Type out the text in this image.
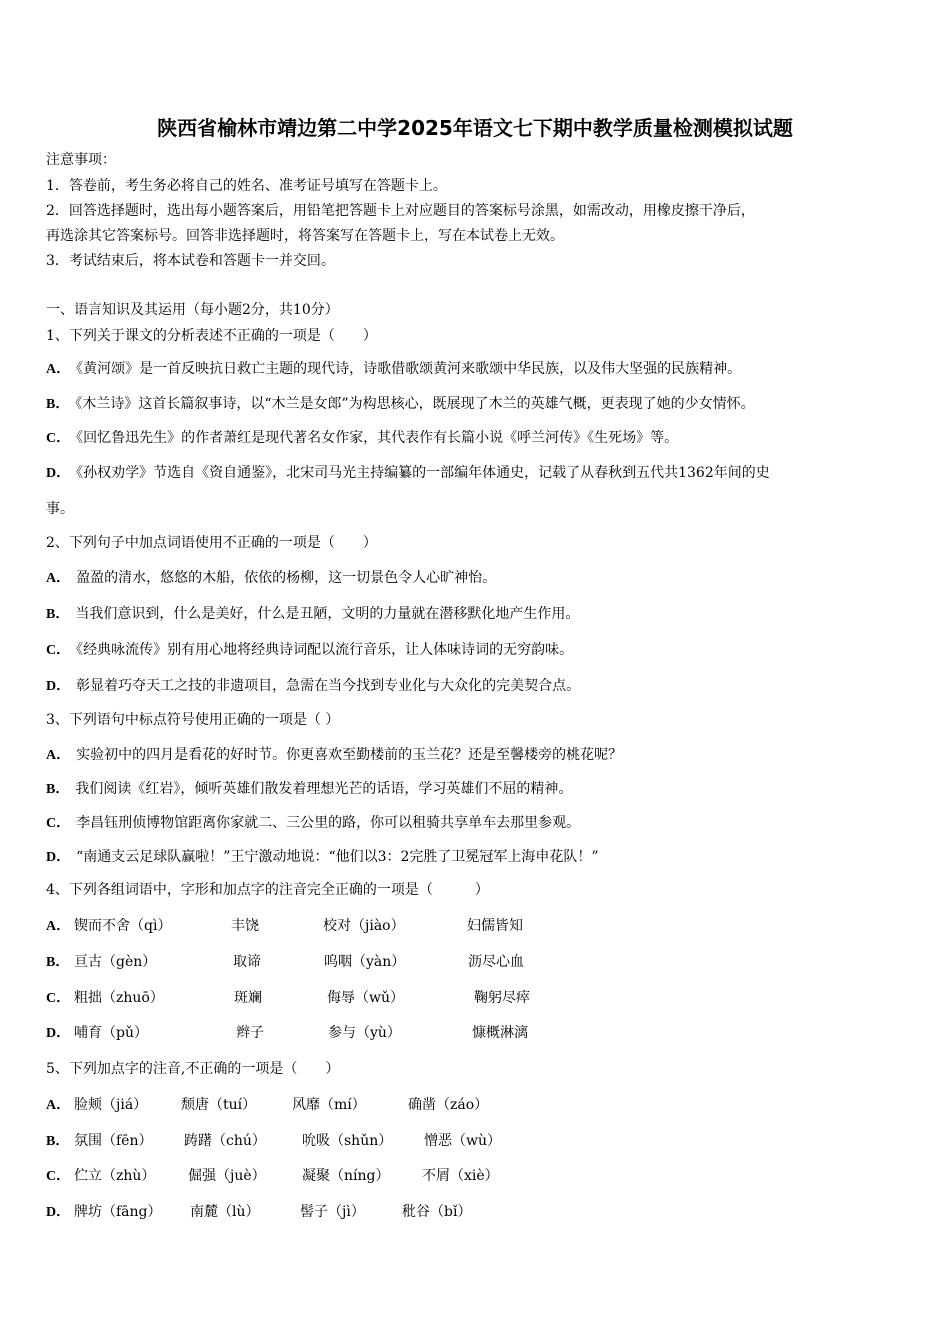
陕西省榆林市靖边第二中学2025年语文七下期中教学质量检测模拟试题
注意事项：
1．答卷前，考生务必将自己的姓名、准考证号填写在答题卡上。
2．回答选择题时，选出每小题答案后，用铅笔把答题卡上对应题目的答案标号涂黑，如需改动，用橡皮擦干净后，
再选涂其它答案标号。回答非选择题时，将答案写在答题卡上，写在本试卷上无效。
3．考试结束后，将本试卷和答题卡一并交回。
一、语言知识及其运用（每小题2分，共10分）
1、下列关于课文的分析表述不正确的一项是（　　）
A． 《黄河颂》是一首反映抗日救亡主题的现代诗，诗歌借歌颂黄河来歌颂中华民族，以及伟大坚强的民族精神。
B． 《木兰诗》这首长篇叙事诗，以“木兰是女郎”为构思核心，既展现了木兰的英雄气概，更表现了她的少女情怀。
C． 《回忆鲁迅先生》的作者萧红是现代著名女作家，其代表作有长篇小说《呼兰河传》《生死场》等。
D． 《孙权劝学》节选自《资自通鉴》，北宋司马光主持编纂的一部编年体通史，记载了从春秋到五代共1362年间的史
事。
2、下列句子中加点词语使用不正确的一项是（　　）
A． 盈盈的清水，悠悠的木船，依依的杨柳，这一切景色令人心旷神怡。
B． 当我们意识到，什么是美好，什么是丑陋，文明的力量就在潜移默化地产生作用。
C． 《经典咏流传》别有用心地将经典诗词配以流行音乐，让人体味诗词的无穷韵味。
D． 彰显着巧夺天工之技的非遗项目，急需在当今找到专业化与大众化的完美契合点。
3、下列语句中标点符号使用正确的一项是（ ）
A． 实验初中的四月是看花的好时节。你更喜欢至勤楼前的玉兰花？还是至馨楼旁的桃花呢？
B． 我们阅读《红岩》，倾听英雄们散发着理想光芒的话语，学习英雄们不屈的精神。
C． 李昌钰刑侦博物馆距离你家就二、三公里的路，你可以租骑共享单车去那里参观。
D． “南通支云足球队赢啦！”王宁激动地说：“他们以3：2完胜了卫冕冠军上海申花队！”
4、下列各组词语中，字形和加点字的注音完全正确的一项是（　　　）
A． 锲而不舍（qì）	丰饶	校对（jiào）	妇儒皆知
B． 亘古（gèn）	取谛	呜咽（yàn）	沥尽心血
C． 粗拙（zhuō）	斑斓	侮辱（wǔ）	鞠躬尽瘁
D． 哺育（pǔ）	辫子	参与（yù）	慷概淋漓
5、下列加点字的注音,不正确的一项是（　　）
A． 脸颊（jiá） 颓唐（tuí）	风靡（mí）	确凿（záo）
B． 氛围（fēn） 踌躇（chú）	吮吸（shǔn） 憎恶（wù）
C． 伫立（zhù） 倔强（juè）	凝聚（níng） 不屑（xiè）
D． 牌坊（fāng） 南麓（lù）	髻子（jì）	秕谷（bǐ）
